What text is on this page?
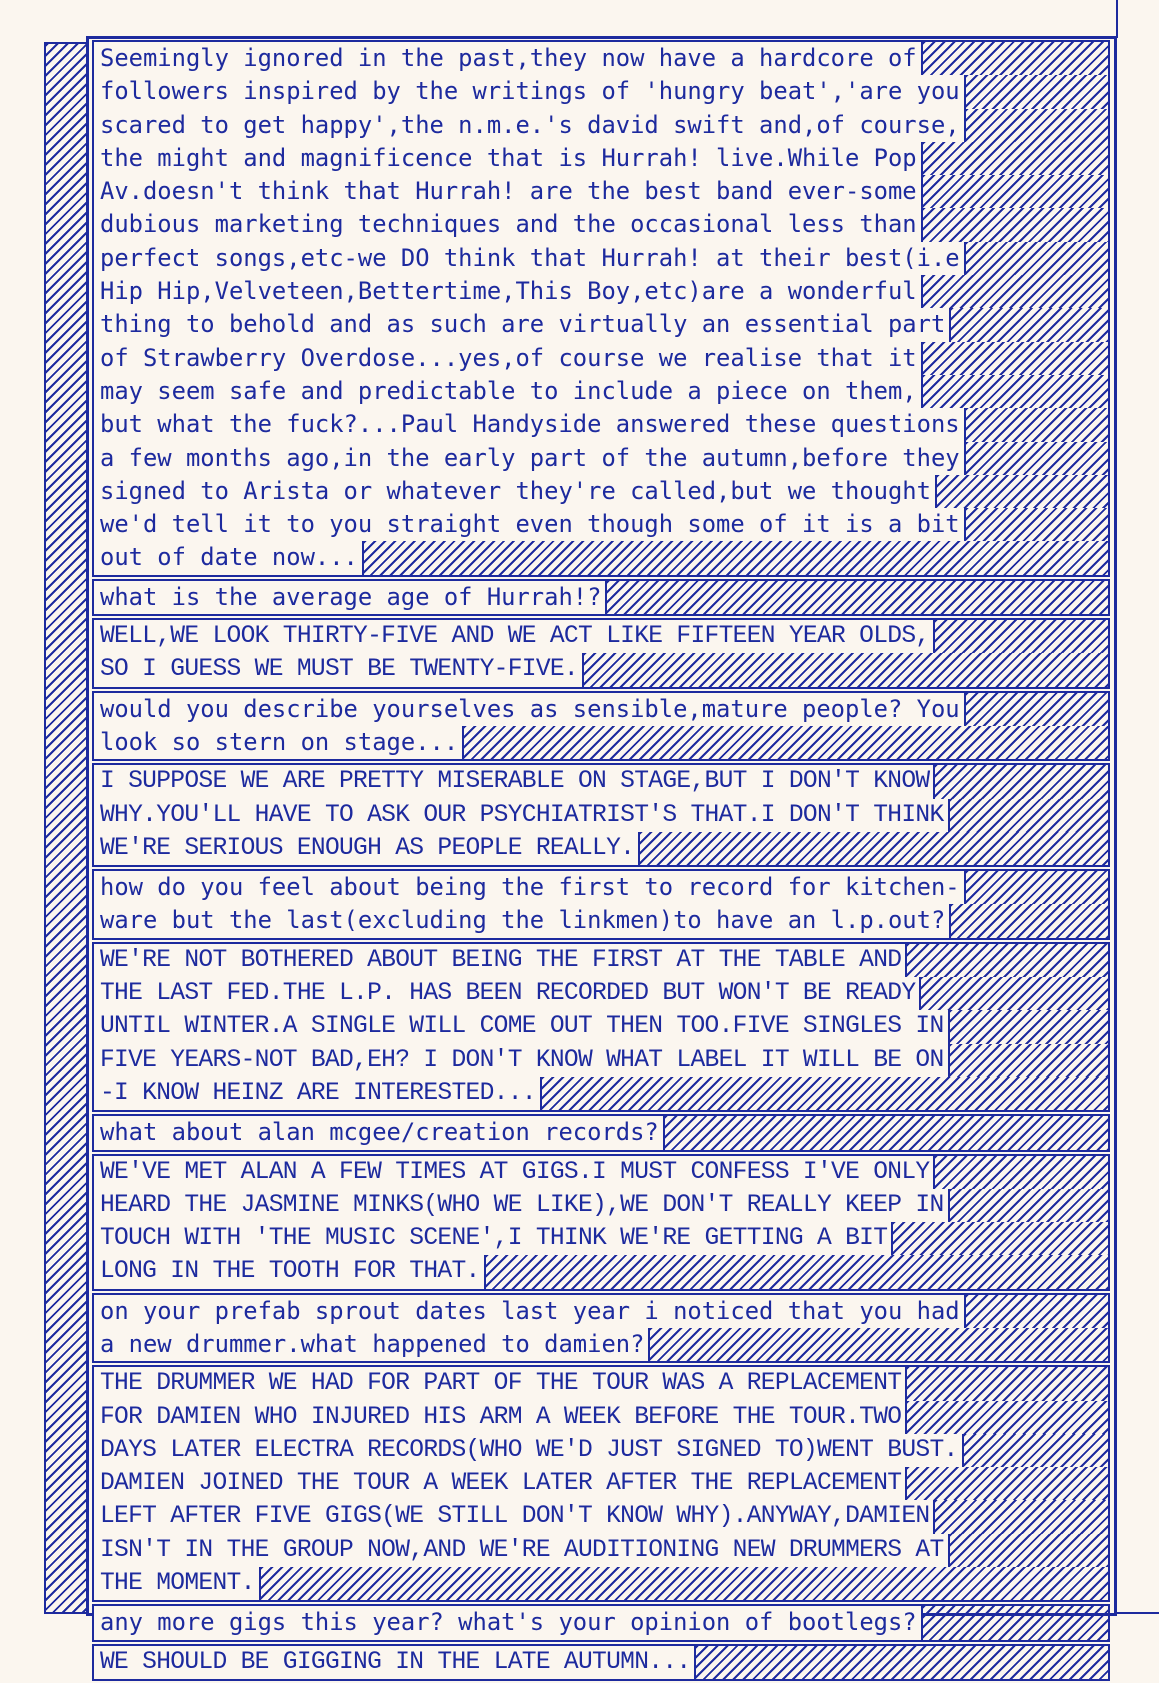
Seemingly ignored in the past,they now have a hardcore of
followers inspired by the writings of 'hungry beat','are you
scared to get happy',the n.m.e.'s david swift and,of course,
the might and magnificence that is Hurrah! live.While Pop
Av.doesn't think that Hurrah! are the best band ever-some
dubious marketing techniques and the occasional less than
perfect songs,etc-we DO think that Hurrah! at their best(i.e
Hip Hip,Velveteen,Bettertime,This Boy,etc)are a wonderful
thing to behold and as such are virtually an essential part
of Strawberry Overdose...yes,of course we realise that it
may seem safe and predictable to include a piece on them,
but what the fuck?...Paul Handyside answered these questions
a few months ago,in the early part of the autumn,before they
signed to Arista or whatever they're called,but we thought
we'd tell it to you straight even though some of it is a bit
out of date now...
what is the average age of Hurrah!?
WELL,WE LOOK THIRTY-FIVE AND WE ACT LIKE FIFTEEN YEAR OLDS,
SO I GUESS WE MUST BE TWENTY-FIVE.
would you describe yourselves as sensible,mature people? You
look so stern on stage...
I SUPPOSE WE ARE PRETTY MISERABLE ON STAGE,BUT I DON'T KNOW
WHY.YOU'LL HAVE TO ASK OUR PSYCHIATRIST'S THAT.I DON'T THINK
WE'RE SERIOUS ENOUGH AS PEOPLE REALLY.
how do you feel about being the first to record for kitchen-
ware but the last(excluding the linkmen)to have an l.p.out?
WE'RE NOT BOTHERED ABOUT BEING THE FIRST AT THE TABLE AND
THE LAST FED.THE L.P. HAS BEEN RECORDED BUT WON'T BE READY
UNTIL WINTER.A SINGLE WILL COME OUT THEN TOO.FIVE SINGLES IN
FIVE YEARS-NOT BAD,EH? I DON'T KNOW WHAT LABEL IT WILL BE ON
-I KNOW HEINZ ARE INTERESTED...
what about alan mcgee/creation records?
WE'VE MET ALAN A FEW TIMES AT GIGS.I MUST CONFESS I'VE ONLY
HEARD THE JASMINE MINKS(WHO WE LIKE),WE DON'T REALLY KEEP IN
TOUCH WITH 'THE MUSIC SCENE',I THINK WE'RE GETTING A BIT
LONG IN THE TOOTH FOR THAT.
on your prefab sprout dates last year i noticed that you had
a new drummer.what happened to damien?
THE DRUMMER WE HAD FOR PART OF THE TOUR WAS A REPLACEMENT
FOR DAMIEN WHO INJURED HIS ARM A WEEK BEFORE THE TOUR.TWO
DAYS LATER ELECTRA RECORDS(WHO WE'D JUST SIGNED TO)WENT BUST.
DAMIEN JOINED THE TOUR A WEEK LATER AFTER THE REPLACEMENT
LEFT AFTER FIVE GIGS(WE STILL DON'T KNOW WHY).ANYWAY,DAMIEN
ISN'T IN THE GROUP NOW,AND WE'RE AUDITIONING NEW DRUMMERS AT
THE MOMENT.
any more gigs this year? what's your opinion of bootlegs?
WE SHOULD BE GIGGING IN THE LATE AUTUMN...
